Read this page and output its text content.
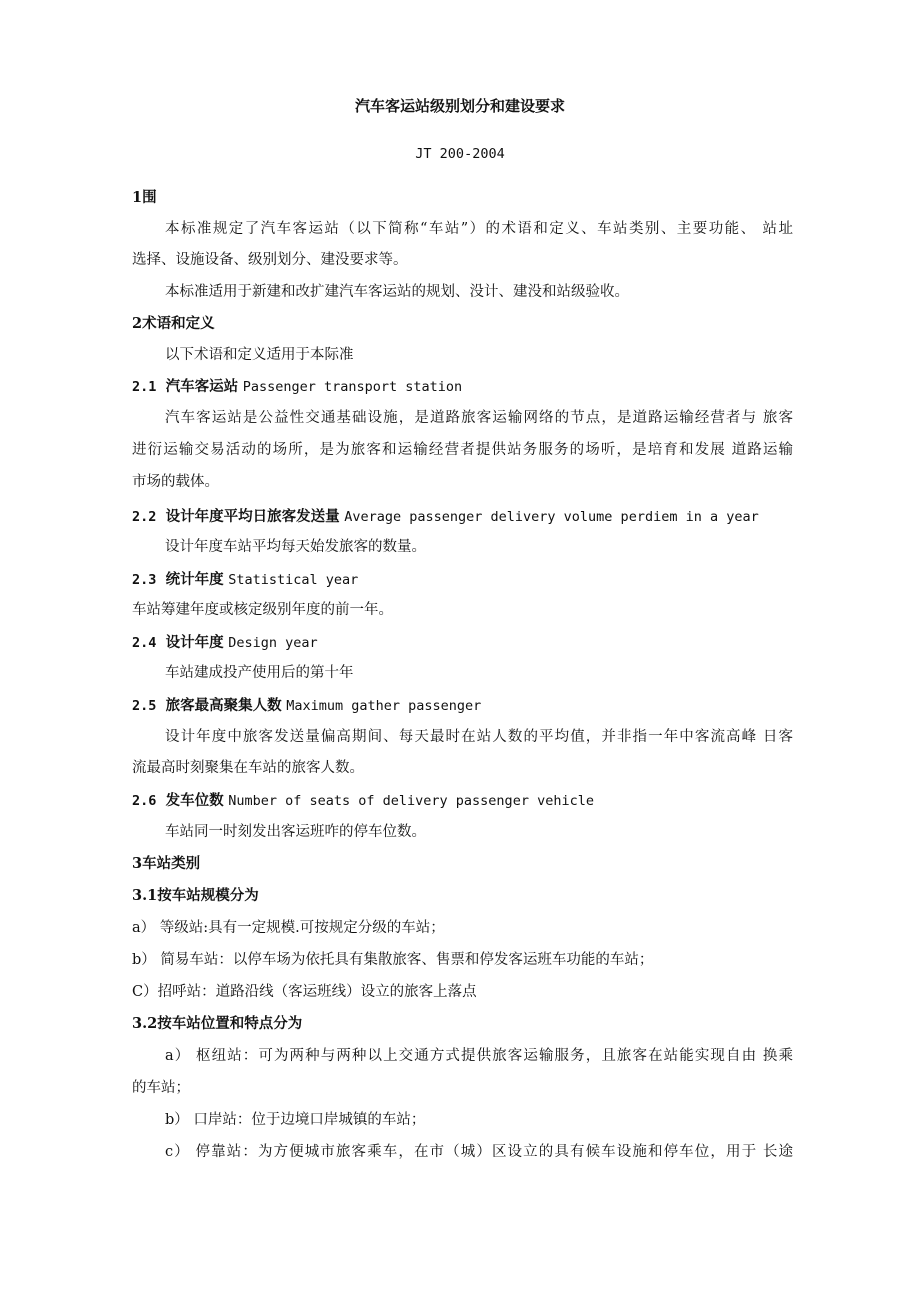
汽车客运站级别划分和建设要求
JT 200-2004
1围
本标准规定了汽车客运站（以下简称“车站”）的术语和定义、车站类别、主要功能、 站址
选择、设施设备、级别划分、建没要求等。
本标准适用于新建和改扩建汽车客运站的规划、没计、建没和站级验收。
2术语和定义
以下术语和定义适用于本际准
2.1 汽车客运站 Passenger transport station
汽车客运站是公益性交通基础设施，是道路旅客运输网络的节点，是道路运输经营者与 旅客
进衍运输交易活动的场所，是为旅客和运输经营者提供站务服务的场听，是培育和发展 道路运输
市场的载体。
2.2 设计年度平均日旅客发送量 Average passenger delivery volume perdiem in a year
设计年度车站平均每天始发旅客的数量。
2.3 统计年度 Statistical year
车站筹建年度或核定级别年度的前一年。
2.4 设计年度 Design year
车站建成投产使用后的第十年
2.5 旅客最高聚集人数 Maximum gather passenger
设计年度中旅客发送量偏高期间、每天最时在站人数的平均值，并非指一年中客流高峰 日客
流最高时刻聚集在车站的旅客人数。
2.6 发车位数 Number of seats of delivery passenger vehicle
车站同一时刻发出客运班咋的停车位数。
3车站类别
3.1按车站规模分为
a） 等级站:具有一定规模.可按规定分级的车站；
b） 简易车站：以停车场为依托具有集散旅客、售票和停发客运班车功能的车站；
C）招呼站：道路沿线（客运班线）设立的旅客上落点
3.2按车站位置和特点分为
a） 枢纽站：可为两种与两种以上交通方式提供旅客运输服务，且旅客在站能实现自由 换乘
的车站；
b） 口岸站：位于边境口岸城镇的车站；
c） 停靠站：为方便城市旅客乘车，在市（城）区设立的具有候车设施和停车位，用于 长途
